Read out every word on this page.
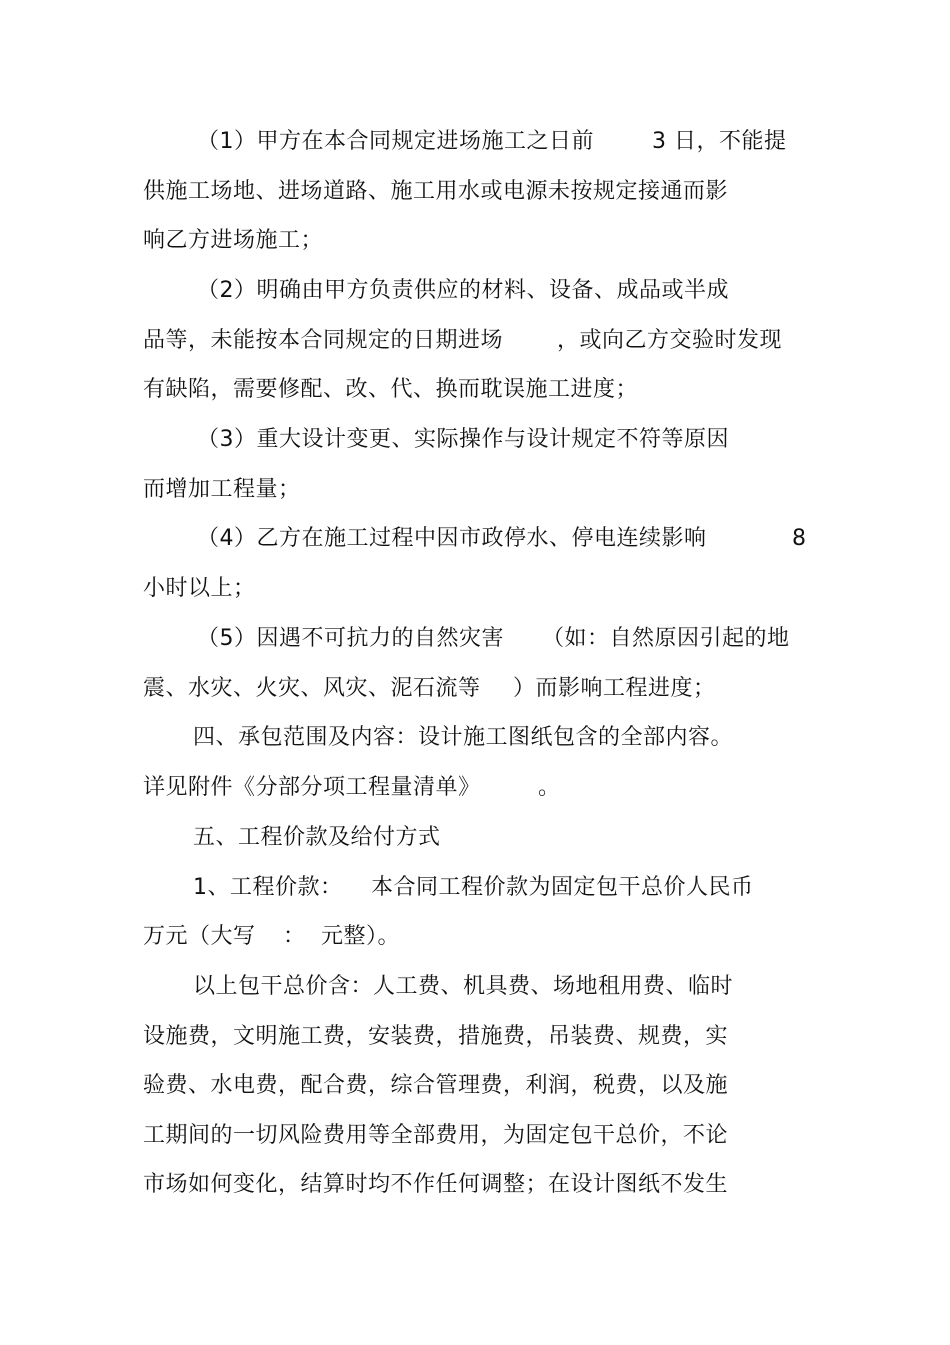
（1）甲方在本合同规定进场施工之日前	3 日，不能提
供施工场地、进场道路、施工用水或电源未按规定接通而影
响乙方进场施工；
（2）明确由甲方负责供应的材料、设备、成品或半成
品等，未能按本合同规定的日期进场 ，或向乙方交验时发现
有缺陷，需要修配、改、代、换而耽误施工进度；
（3）重大设计变更、实际操作与设计规定不符等原因
而增加工程量；
（4）乙方在施工过程中因市政停水、停电连续影响	8
小时以上；
（5）因遇不可抗力的自然灾害 （如：自然原因引起的地
震、水灾、火灾、风灾、泥石流等 ）而影响工程进度；
四、承包范围及内容：设计施工图纸包含的全部内容。
详见附件《分部分项工程量清单》	。
五、工程价款及给付方式
1、工程价款： 本合同工程价款为固定包干总价人民币
万元（大写 ： 元整）。
以上包干总价含：人工费、机具费、场地租用费、临时
设施费，文明施工费，安装费，措施费，吊装费、规费，实
验费、水电费，配合费，综合管理费，利润，税费，以及施
工期间的一切风险费用等全部费用，为固定包干总价，不论
市场如何变化，结算时均不作任何调整；在设计图纸不发生
